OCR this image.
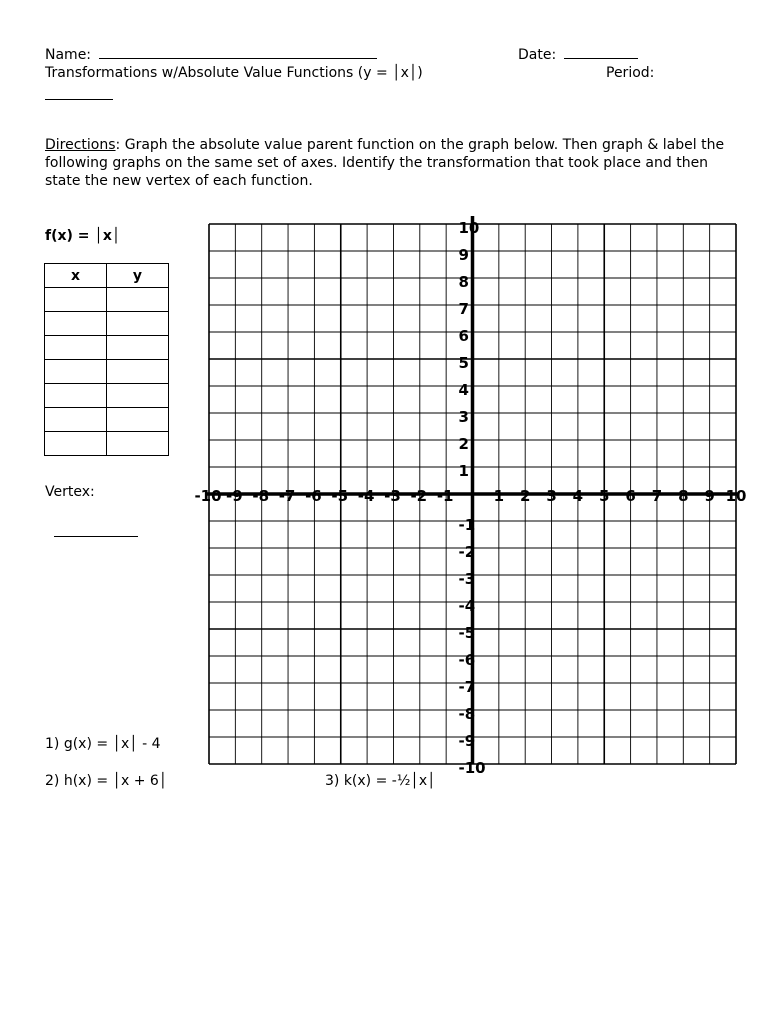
Name:	Date:
Transformations w/Absolute Value Functions (y = │x│)	Period:
Directions: Graph the absolute value parent function on the graph below. Then graph & label the following graphs on the same set of axes. Identify the transformation that took place and then state the new vertex of each function.
f(x) = │x│
x	y

Vertex:
1) g(x) = │x│ - 4
2) h(x) = │x + 6│	3) k(x) = -½│x│
-10 -9 -8 -7 -6 -5 -4 -3 -2 -1	1 2 3 4 5 6 7 8 9 10
10
9
8
7
6
5
4
3
2
1
-1
-2
-3
-4
-5
-6
-7
-8
-9
-10
